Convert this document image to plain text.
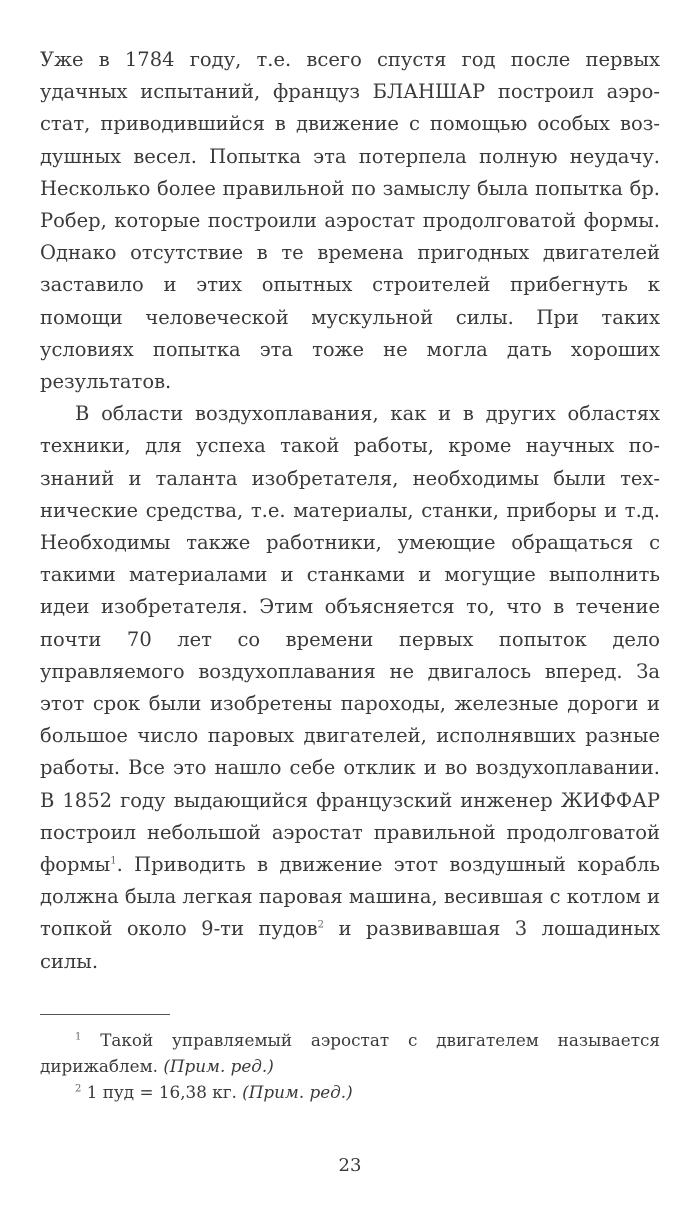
Уже в 1784 году, т.е. всего спустя год после первых удачных испытаний, француз БЛАНШАР построил аэростат, приводившийся в движение с помощью особых воздушных весел. Попытка эта потерпела полную неудачу. Несколько более правильной по замыслу была попытка бр. Робер, которые построили аэростат продолговатой формы. Однако отсутствие в те времена пригодных двигателей заставило и этих опытных строителей прибегнуть к помощи человеческой мускульной силы. При таких условиях попытка эта тоже не могла дать хороших результатов.

В области воздухоплавания, как и в других областях техники, для успеха такой работы, кроме научных познаний и таланта изобретателя, необходимы были технические средства, т.е. материалы, станки, приборы и т.д. Необходимы также работники, умеющие обращаться с такими материалами и станками и могущие выполнить идеи изобретателя. Этим объясняется то, что в течение почти 70 лет со времени первых попыток дело управляемого воздухоплавания не двигалось вперед. За этот срок были изобретены пароходы, железные дороги и большое число паровых двигателей, исполнявших разные работы. Все это нашло себе отклик и во воздухоплавании. В 1852 году выдающийся французский инженер ЖИФФАР построил небольшой аэростат правильной продолговатой формы$^1$. Приводить в движение этот воздушный корабль должна была легкая паровая машина, весившая с котлом и топкой около 9-ти пудов$^2$ и развивавшая 3 лошадиных силы.

$^1$ Такой управляемый аэростат с двигателем называется дирижаблем. (Прим. ред.)

$^2$ 1 пуд = 16,38 кг. (Прим. ред.)

23
